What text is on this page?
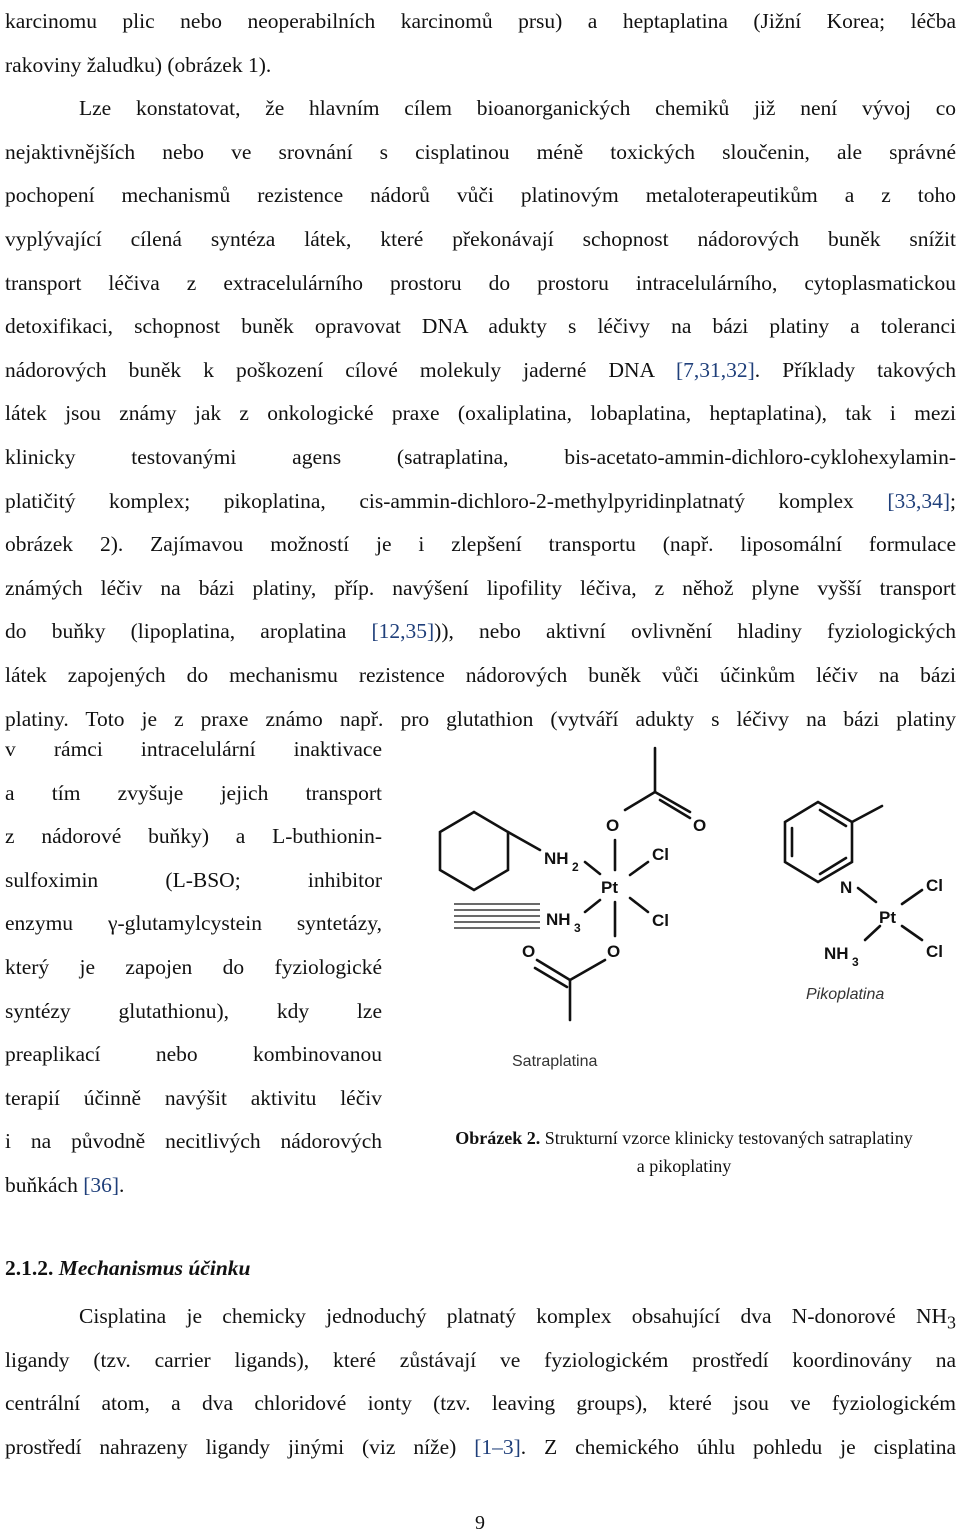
karcinomu plic nebo neoperabilních karcinomů prsu) a heptaplatina (Jižní Korea; léčba
rakoviny žaludku) (obrázek 1).
Lze konstatovat, že hlavním cílem bioanorganických chemiků již není vývoj co
nejaktivnějších nebo ve srovnání s cisplatinou méně toxických sloučenin, ale správné
pochopení mechanismů rezistence nádorů vůči platinovým metaloterapeutikům a z toho
vyplývající cílená syntéza látek, které překonávají schopnost nádorových buněk snížit
transport léčiva z extracelulárního prostoru do prostoru intracelulárního, cytoplasmatickou
detoxifikaci, schopnost buněk opravovat DNA adukty s léčivy na bázi platiny a toleranci
nádorových buněk k poškození cílové molekuly jaderné DNA [7,31,32]. Příklady takových
látek jsou známy jak z onkologické praxe (oxaliplatina, lobaplatina, heptaplatina), tak i mezi
klinicky testovanými agens (satraplatina, bis-acetato-ammin-dichloro-cyklohexylamin-
platičitý komplex; pikoplatina, cis-ammin-dichloro-2-methylpyridinplatnatý komplex [33,34];
obrázek 2). Zajímavou možností je i zlepšení transportu (např. liposomální formulace
známých léčiv na bázi platiny, příp. navýšení lipofility léčiva, z něhož plyne vyšší transport
do buňky (lipoplatina, aroplatina [12,35])), nebo aktivní ovlivnění hladiny fyziologických
látek zapojených do mechanismu rezistence nádorových buněk vůči účinkům léčiv na bázi
platiny. Toto je z praxe známo např. pro glutathion (vytváří adukty s léčivy na bázi platiny
v rámci intracelulární inaktivace
a tím zvyšuje jejich transport
z nádorové buňky) a L-buthionin-
sulfoximin (L-BSO; inhibitor
enzymu γ-glutamylcystein syntetázy,
který je zapojen do fyziologické
syntézy glutathionu), kdy lze
preaplikací nebo kombinovanou
terapií účinně navýšit aktivitu léčiv
i na původně necitlivých nádorových
buňkách [36].
O	O
NH 2
Cl
Pt
NH 3	Cl
O	O
Satraplatina
N	Cl
Pt
NH 3
Cl
Pikoplatina
Obrázek 2. Strukturní vzorce klinicky testovaných satraplatiny
a pikoplatiny
2.1.2. Mechanismus účinku
Cisplatina je chemicky jednoduchý platnatý komplex obsahující dva N-donorové $NH_3$
ligandy (tzv. carrier ligands), které zůstávají ve fyziologickém prostředí koordinovány na
centrální atom, a dva chloridové ionty (tzv. leaving groups), které jsou ve fyziologickém
prostředí nahrazeny ligandy jinými (viz níže) [1–3]. Z chemického úhlu pohledu je cisplatina
9
